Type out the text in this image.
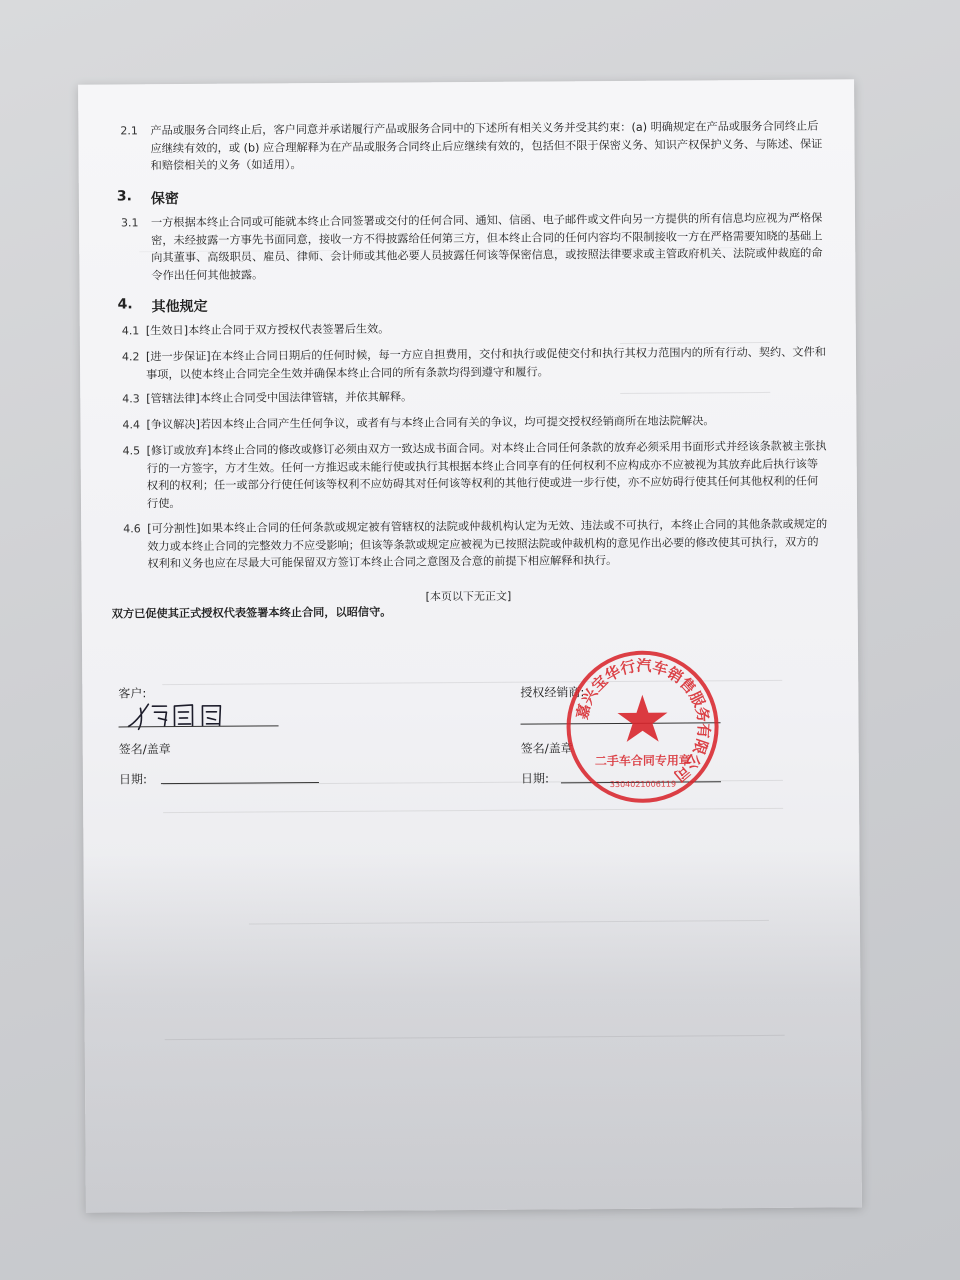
2.1 产品或服务合同终止后，客户同意并承诺履行产品或服务合同中的下述所有相关义务并受其约束：(a) 明确规定在产品或服务合同终止后应继续有效的，或 (b) 应合理解释为在产品或服务合同终止后应继续有效的，包括但不限于保密义务、知识产权保护义务、与陈述、保证和赔偿相关的义务（如适用）。
3. 保密
3.1 一方根据本终止合同或可能就本终止合同签署或交付的任何合同、通知、信函、电子邮件或文件向另一方提供的所有信息均应视为严格保密，未经披露一方事先书面同意，接收一方不得披露给任何第三方，但本终止合同的任何内容均不限制接收一方在严格需要知晓的基础上向其董事、高级职员、雇员、律师、会计师或其他必要人员披露任何该等保密信息，或按照法律要求或主管政府机关、法院或仲裁庭的命令作出任何其他披露。
4. 其他规定
4.1 [生效日]本终止合同于双方授权代表签署后生效。
4.2 [进一步保证]在本终止合同日期后的任何时候，每一方应自担费用，交付和执行或促使交付和执行其权力范围内的所有行动、契约、文件和事项，以使本终止合同完全生效并确保本终止合同的所有条款均得到遵守和履行。
4.3 [管辖法律]本终止合同受中国法律管辖，并依其解释。
4.4 [争议解决]若因本终止合同产生任何争议，或者有与本终止合同有关的争议，均可提交授权经销商所在地法院解决。
4.5 [修订或放弃]本终止合同的修改或修订必须由双方一致达成书面合同。对本终止合同任何条款的放弃必须采用书面形式并经该条款被主张执行的一方签字，方才生效。任何一方推迟或未能行使或执行其根据本终止合同享有的任何权利不应构成亦不应被视为其放弃此后执行该等权利的权利；任一或部分行使任何该等权利不应妨碍其对任何该等权利的其他行使或进一步行使，亦不应妨碍行使其任何其他权利的任何行使。
4.6 [可分割性]如果本终止合同的任何条款或规定被有管辖权的法院或仲裁机构认定为无效、违法或不可执行，本终止合同的其他条款或规定的效力或本终止合同的完整效力不应受影响；但该等条款或规定应被视为已按照法院或仲裁机构的意见作出必要的修改使其可执行，双方的权利和义务也应在尽最大可能保留双方签订本终止合同之意图及合意的前提下相应解释和执行。
[本页以下无正文]
双方已促使其正式授权代表签署本终止合同，以昭信守。
客户:
签名/盖章
日期:
授权经销商:
签名/盖章
日期:
嘉兴宝华行汽车销售服务有限公司
二手车合同专用章
3304021006119
